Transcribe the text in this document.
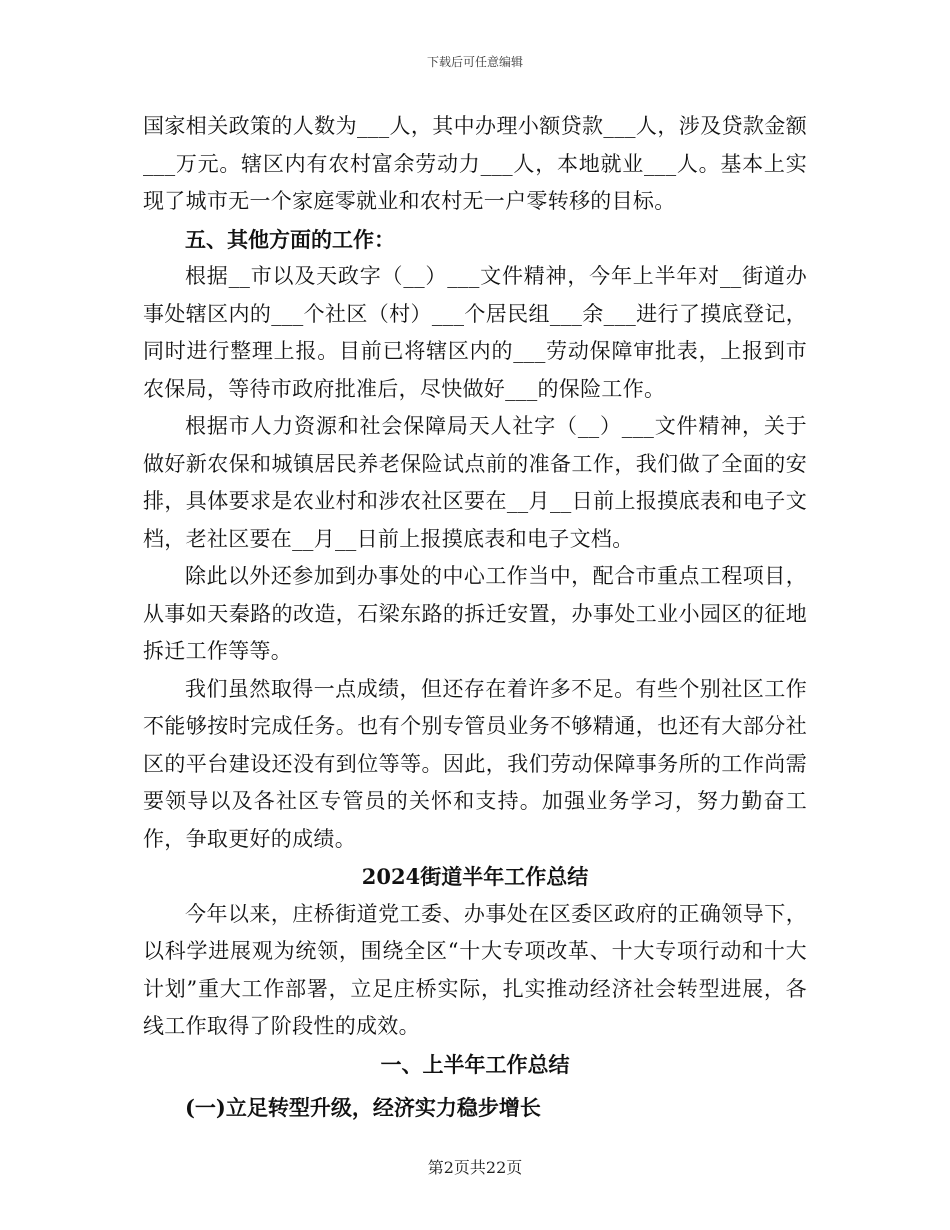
下载后可任意编辑

国家相关政策的人数为___人，其中办理小额贷款___人，涉及贷款金额___万元。辖区内有农村富余劳动力___人，本地就业___人。基本上实现了城市无一个家庭零就业和农村无一户零转移的目标。

五、其他方面的工作：

根据__市以及天政字（__）___文件精神，今年上半年对__街道办事处辖区内的___个社区（村）___个居民组___余___进行了摸底登记，同时进行整理上报。目前已将辖区内的___劳动保障审批表，上报到市农保局，等待市政府批准后，尽快做好___的保险工作。

根据市人力资源和社会保障局天人社字（__）___文件精神，关于做好新农保和城镇居民养老保险试点前的准备工作，我们做了全面的安排，具体要求是农业村和涉农社区要在__月__日前上报摸底表和电子文档，老社区要在__月__日前上报摸底表和电子文档。

除此以外还参加到办事处的中心工作当中，配合市重点工程项目，从事如天秦路的改造，石梁东路的拆迁安置，办事处工业小园区的征地拆迁工作等等。

我们虽然取得一点成绩，但还存在着许多不足。有些个别社区工作不能够按时完成任务。也有个别专管员业务不够精通，也还有大部分社区的平台建设还没有到位等等。因此，我们劳动保障事务所的工作尚需要领导以及各社区专管员的关怀和支持。加强业务学习，努力勤奋工作，争取更好的成绩。

2024街道半年工作总结

今年以来，庄桥街道党工委、办事处在区委区政府的正确领导下，以科学进展观为统领，围绕全区“十大专项改革、十大专项行动和十大计划”重大工作部署，立足庄桥实际，扎实推动经济社会转型进展，各线工作取得了阶段性的成效。

一、上半年工作总结

(一)立足转型升级，经济实力稳步增长

第2页共22页
